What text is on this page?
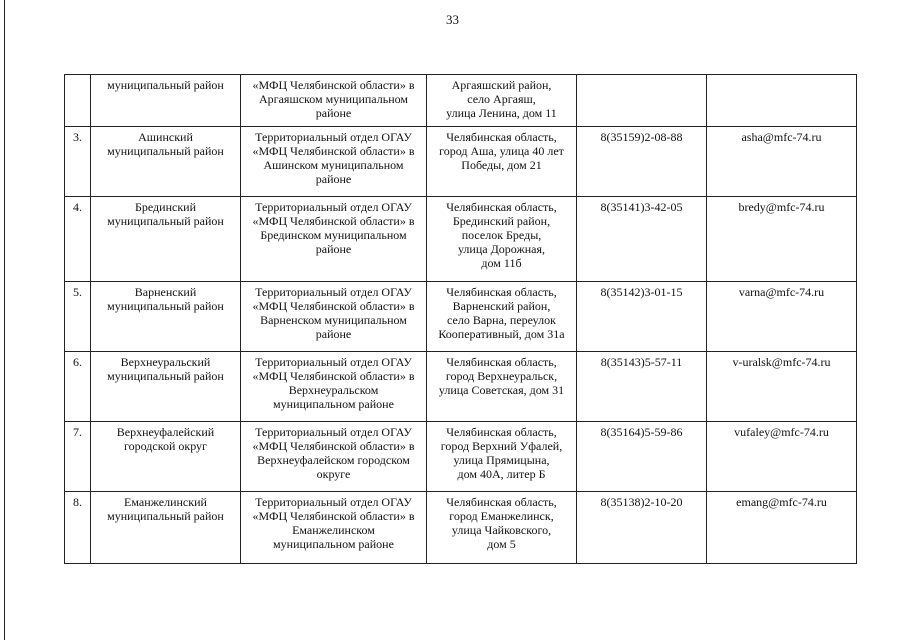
33

	муниципальный район	«МФЦ Челябинской области» в
Аргаяшском муниципальном
районе	Аргаяшский район,
село Аргаяш,
улица Ленина, дом 11		

3.	Ашинский
муниципальный район	Территориальный отдел ОГАУ
«МФЦ Челябинской области» в
Ашинском муниципальном
районе	Челябинская область,
город Аша, улица 40 лет
Победы, дом 21	8(35159)2-08-88	asha@mfc-74.ru
4.	Брединский
муниципальный район	Территориальный отдел ОГАУ
«МФЦ Челябинской области» в
Брединском муниципальном
районе	Челябинская область,
Брединский район,
поселок Бреды,
улица Дорожная,
дом 11б	8(35141)3-42-05	bredy@mfc-74.ru
5.	Варненский
муниципальный район	Территориальный отдел ОГАУ
«МФЦ Челябинской области» в
Варненском муниципальном
районе	Челябинская область,
Варненский район,
село Варна, переулок
Кооперативный, дом 31а	8(35142)3-01-15	varna@mfc-74.ru
6.	Верхнеуральский
муниципальный район	Территориальный отдел ОГАУ
«МФЦ Челябинской области» в
Верхнеуральском
муниципальном районе	Челябинская область,
город Верхнеуральск,
улица Советская, дом 31	8(35143)5-57-11	v-uralsk@mfc-74.ru
7.	Верхнеуфалейский
городской округ	Территориальный отдел ОГАУ
«МФЦ Челябинской области» в
Верхнеуфалейском городском
округе	Челябинская область,
город Верхний Уфалей,
улица Прямицына,
дом 40А, литер Б	8(35164)5-59-86	vufaley@mfc-74.ru
8.	Еманжелинский
муниципальный район	Территориальный отдел ОГАУ
«МФЦ Челябинской области» в
Еманжелинском
муниципальном районе	Челябинская область,
город Еманжелинск,
улица Чайковского,
дом 5	8(35138)2-10-20	emang@mfc-74.ru
